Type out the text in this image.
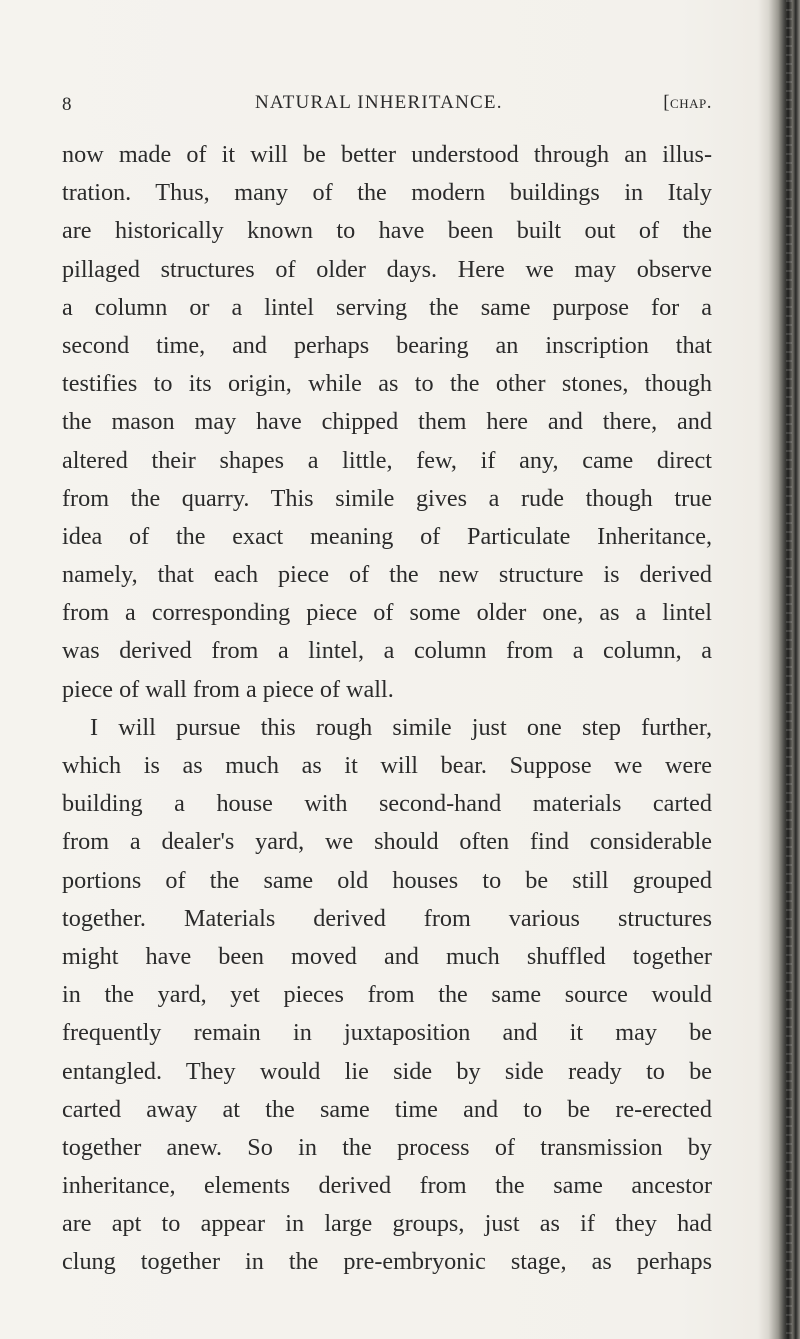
8	NATURAL INHERITANCE.	[chap.
now made of it will be better understood through an illus-
tration. Thus, many of the modern buildings in Italy
are historically known to have been built out of the
pillaged structures of older days. Here we may observe
a column or a lintel serving the same purpose for a
second time, and perhaps bearing an inscription that
testifies to its origin, while as to the other stones, though
the mason may have chipped them here and there, and
altered their shapes a little, few, if any, came direct
from the quarry. This simile gives a rude though true
idea of the exact meaning of Particulate Inheritance,
namely, that each piece of the new structure is derived
from a corresponding piece of some older one, as a lintel
was derived from a lintel, a column from a column, a
piece of wall from a piece of wall.
I will pursue this rough simile just one step further,
which is as much as it will bear. Suppose we were
building a house with second-hand materials carted
from a dealer's yard, we should often find considerable
portions of the same old houses to be still grouped
together. Materials derived from various structures
might have been moved and much shuffled together
in the yard, yet pieces from the same source would
frequently remain in juxtaposition and it may be
entangled. They would lie side by side ready to be
carted away at the same time and to be re-erected
together anew. So in the process of transmission by
inheritance, elements derived from the same ancestor
are apt to appear in large groups, just as if they had
clung together in the pre-embryonic stage, as perhaps
